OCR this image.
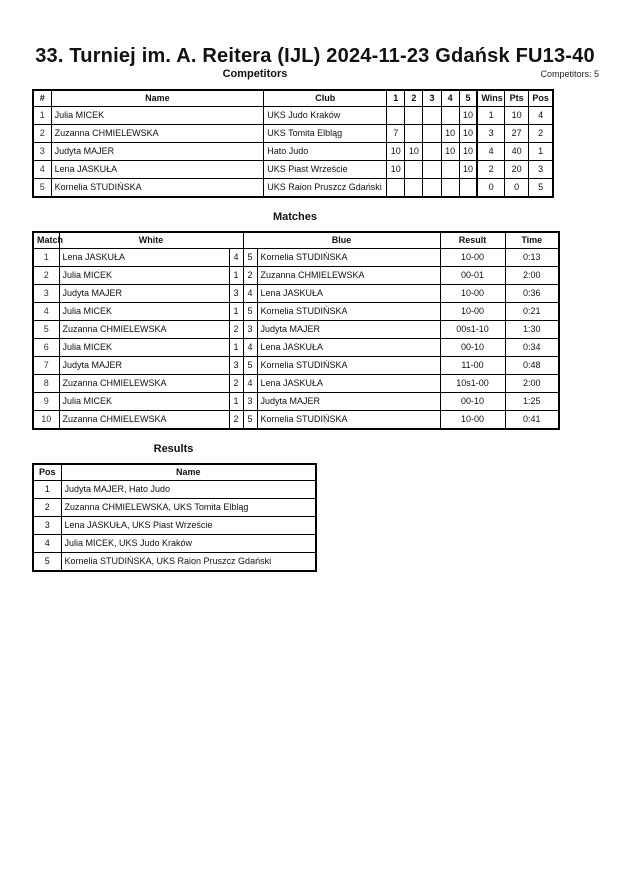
33. Turniej im. A. Reitera (IJL) 2024-11-23 Gdańsk FU13-40
Competitors	Competitors: 5
#	Name	Club	1	2	3	4	5	Wins	Pts	Pos
1	Julia MICEK	UKS Judo Kraków					10	1	10	4
2	Zuzanna CHMIELEWSKA	UKS Tomita Elbląg	7			10	10	3	27	2
3	Judyta MAJER	Hato Judo	10	10		10	10	4	40	1
4	Lena JASKUŁA	UKS Piast Wrzeście	10				10	2	20	3
5	Kornelia STUDIŃSKA	UKS Raion Pruszcz Gdański						0	0	5
Matches
Match	White		Blue		Result	Time
1	Lena JASKUŁA	4	5	Kornelia STUDIŃSKA	10-00	0:13
2	Julia MICEK	1	2	Zuzanna CHMIELEWSKA	00-01	2:00
3	Judyta MAJER	3	4	Lena JASKUŁA	10-00	0:36
4	Julia MICEK	1	5	Kornelia STUDIŃSKA	10-00	0:21
5	Zuzanna CHMIELEWSKA	2	3	Judyta MAJER	00s1-10	1:30
6	Julia MICEK	1	4	Lena JASKUŁA	00-10	0:34
7	Judyta MAJER	3	5	Kornelia STUDIŃSKA	11-00	0:48
8	Zuzanna CHMIELEWSKA	2	4	Lena JASKUŁA	10s1-00	2:00
9	Julia MICEK	1	3	Judyta MAJER	00-10	1:25
10	Zuzanna CHMIELEWSKA	2	5	Kornelia STUDIŃSKA	10-00	0:41
Results
Pos	Name
1	Judyta MAJER, Hato Judo
2	Zuzanna CHMIELEWSKA, UKS Tomita Elbląg
3	Lena JASKUŁA, UKS Piast Wrzeście
4	Julia MICEK, UKS Judo Kraków
5	Kornelia STUDIŃSKA, UKS Raion Pruszcz Gdański
